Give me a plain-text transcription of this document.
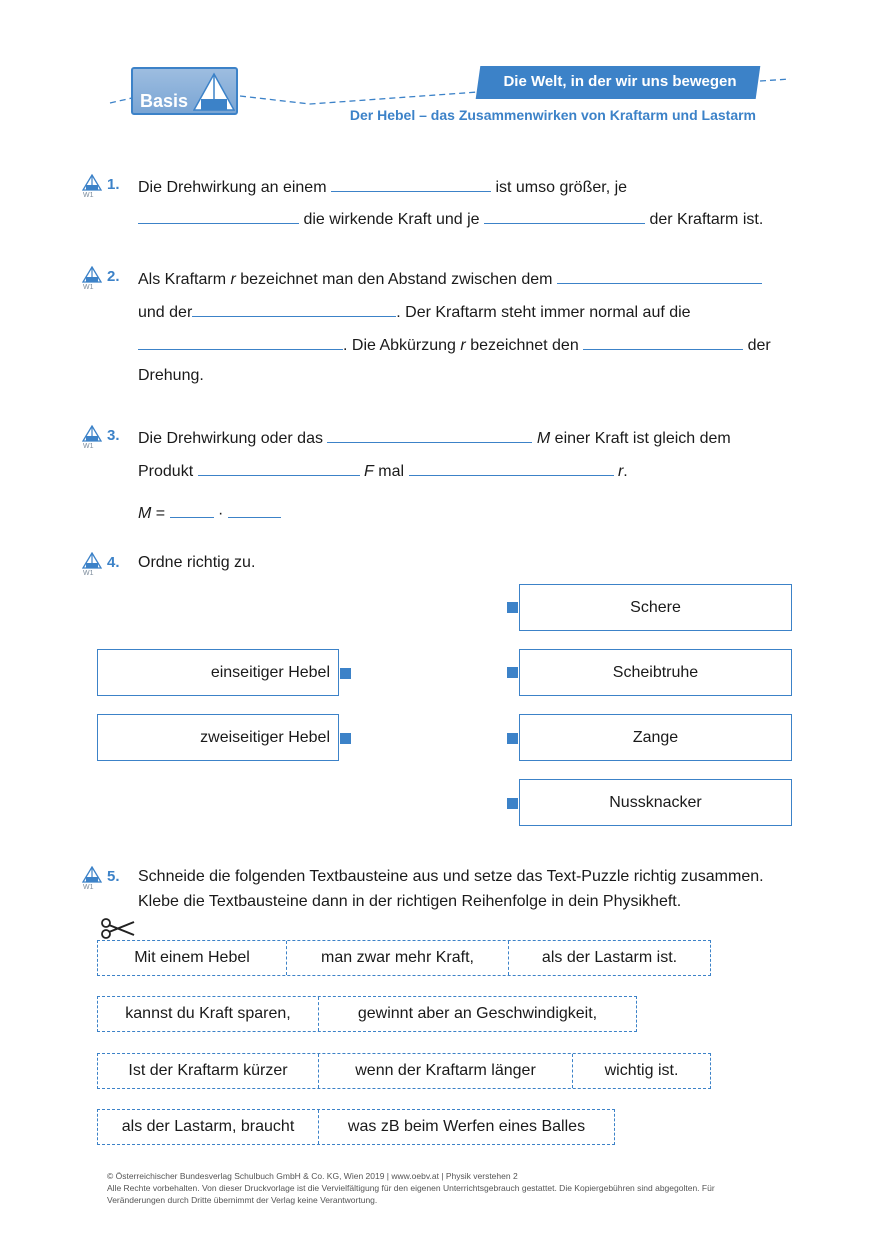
Basis
Die Welt, in der wir uns bewegen
Der Hebel – das Zusammenwirken von Kraftarm und Lastarm
W1
1. Die Drehwirkung an einem	ist umso größer, je
die wirkende Kraft und je	der Kraftarm ist.
W1
2. Als Kraftarm r bezeichnet man den Abstand zwischen dem
und der	. Der Kraftarm steht immer normal auf die
. Die Abkürzung r bezeichnet den	der
Drehung.
W1
3. Die Drehwirkung oder das	M einer Kraft ist gleich dem
Produkt	F mal	r.
M =	·
W1
4. Ordne richtig zu.
einseitiger Hebel
zweiseitiger Hebel
Schere
Scheibtruhe
Zange
Nussknacker
W1
5. Schneide die folgenden Textbausteine aus und setze das Text-Puzzle richtig zusammen.
Klebe die Textbausteine dann in der richtigen Reihenfolge in dein Physikheft.
Mit einem Hebel	man zwar mehr Kraft,	als der Lastarm ist.
kannst du Kraft sparen,	gewinnt aber an Geschwindigkeit,
Ist der Kraftarm kürzer	wenn der Kraftarm länger	wichtig ist.
als der Lastarm, braucht	was zB beim Werfen eines Balles
© Österreichischer Bundesverlag Schulbuch GmbH & Co. KG, Wien 2019 | www.oebv.at | Physik verstehen 2
Alle Rechte vorbehalten. Von dieser Druckvorlage ist die Vervielfältigung für den eigenen Unterrichtsgebrauch gestattet. Die Kopiergebühren sind abgegolten. Für
Veränderungen durch Dritte übernimmt der Verlag keine Verantwortung.
